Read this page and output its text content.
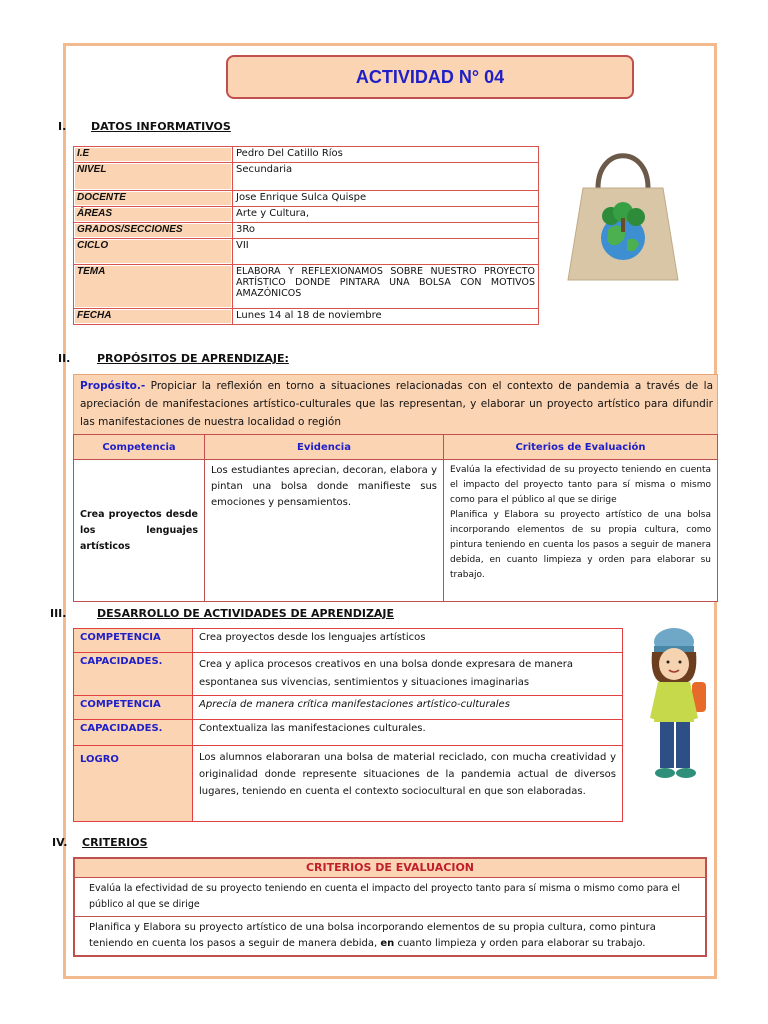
ACTIVIDAD N° 04
I. DATOS INFORMATIVOS
I.E	Pedro Del Catillo Ríos
NIVEL	Secundaria
DOCENTE	Jose Enrique Sulca Quispe
ÁREAS	Arte y Cultura,
GRADOS/SECCIONES	3Ro
CICLO	VII
TEMA	ELABORA Y REFLEXIONAMOS SOBRE NUESTRO PROYECTO ARTÍSTICO DONDE PINTARA UNA BOLSA CON MOTIVOS AMAZÓNICOS
FECHA	Lunes 14 al 18 de noviembre
II. PROPÓSITOS DE APRENDIZAJE:
Propósito.- Propiciar la reflexión en torno a situaciones relacionadas con el contexto de pandemia a través de la apreciación de manifestaciones artístico-culturales que las representan, y elaborar un proyecto artístico para difundir las manifestaciones de nuestra localidad o región
Competencia	Evidencia	Criterios de Evaluación
Crea proyectos desde los lenguajes artísticos	Los estudiantes aprecian, decoran, elabora y pintan una bolsa donde manifieste sus emociones y pensamientos.	Evalúa la efectividad de su proyecto teniendo en cuenta el impacto del proyecto tanto para sí misma o mismo como para el público al que se dirige
Planifica y Elabora su proyecto artístico de una bolsa incorporando elementos de su propia cultura, como pintura teniendo en cuenta los pasos a seguir de manera debida, en cuanto limpieza y orden para elaborar su trabajo.
III.	DESARROLLO DE ACTIVIDADES DE APRENDIZAJE
COMPETENCIA	Crea proyectos desde los lenguajes artísticos
CAPACIDADES.	Crea y aplica procesos creativos en una bolsa donde expresara de manera espontanea sus vivencias, sentimientos y situaciones imaginarias
COMPETENCIA	Aprecia de manera crítica manifestaciones artístico-culturales
CAPACIDADES.	Contextualiza las manifestaciones culturales.
LOGRO	Los alumnos elaboraran una bolsa de material reciclado, con mucha creatividad y originalidad donde represente situaciones de la pandemia actual de diversos lugares, teniendo en cuenta el contexto sociocultural en que son elaboradas.
IV. CRITERIOS
CRITERIOS DE EVALUACION
Evalúa la efectividad de su proyecto teniendo en cuenta el impacto del proyecto tanto para sí misma o mismo como para el público al que se dirige
Planifica y Elabora su proyecto artístico de una bolsa incorporando elementos de su propia cultura, como pintura teniendo en cuenta los pasos a seguir de manera debida, en cuanto limpieza y orden para elaborar su trabajo.
